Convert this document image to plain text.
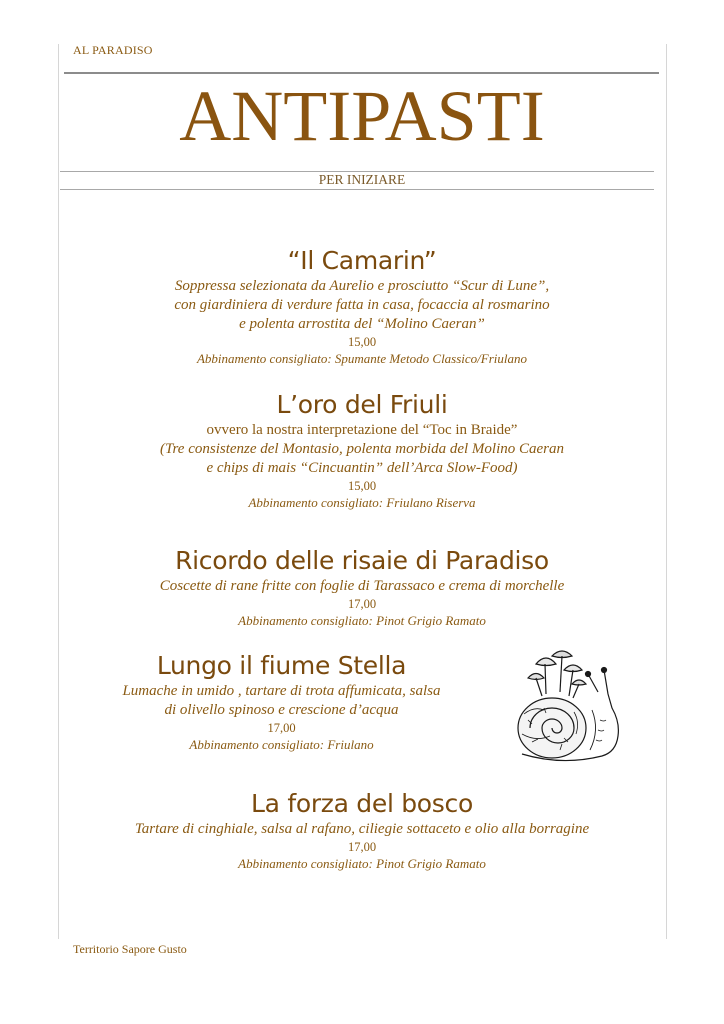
AL PARADISO
ANTIPASTI
PER INIZIARE
“Il Camarin”

Soppressa selezionata da Aurelio e prosciutto “Scur di Lune”,

con giardiniera di verdure fatta in casa, focaccia al rosmarino

e polenta arrostita del “Molino Caeran”

15,00

Abbinamento consigliato: Spumante Metodo Classico/Friulano

L’oro del Friuli

ovvero la nostra interpretazione del “Toc in Braide”

(Tre consistenze del Montasio, polenta morbida del Molino Caeran

e chips di mais “Cincuantin” dell’Arca Slow-Food)

15,00

Abbinamento consigliato: Friulano Riserva

Ricordo delle risaie di Paradiso

Coscette di rane fritte con foglie di Tarassaco e crema di morchelle

17,00

Abbinamento consigliato: Pinot Grigio Ramato

Lungo il fiume Stella

Lumache in umido , tartare di trota affumicata, salsa

di olivello spinoso e crescione d’acqua

17,00

Abbinamento consigliato: Friulano

La forza del bosco

Tartare di cinghiale, salsa al rafano, ciliegie sottaceto e olio alla borragine

17,00

Abbinamento consigliato: Pinot Grigio Ramato

Territorio Sapore Gusto
